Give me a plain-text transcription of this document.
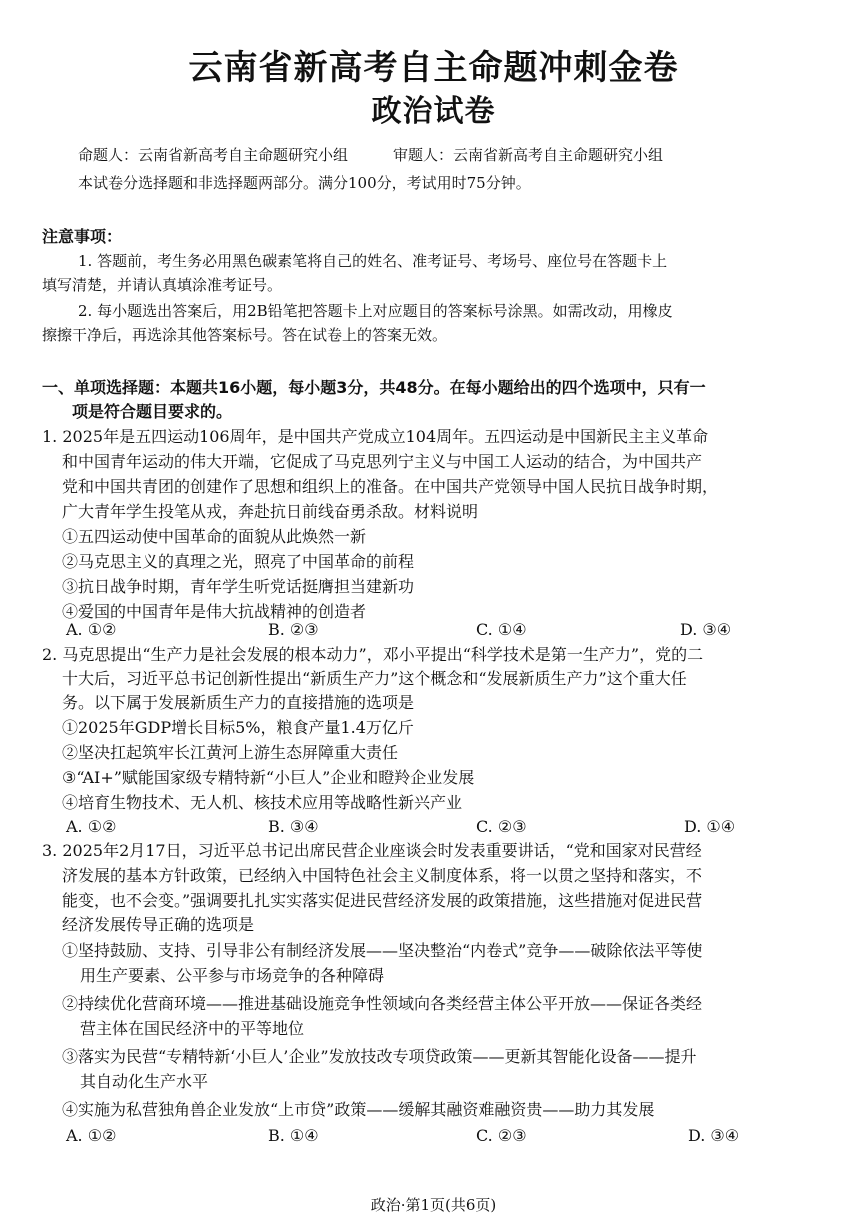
云南省新高考自主命题冲刺金卷
政治试卷
命题人：云南省新高考自主命题研究小组　　　审题人：云南省新高考自主命题研究小组
本试卷分选择题和非选择题两部分。满分100分，考试用时75分钟。
注意事项：
1. 答题前，考生务必用黑色碳素笔将自己的姓名、准考证号、考场号、座位号在答题卡上
填写清楚，并请认真填涂准考证号。
2. 每小题选出答案后，用2B铅笔把答题卡上对应题目的答案标号涂黑。如需改动，用橡皮
擦擦干净后，再选涂其他答案标号。答在试卷上的答案无效。
一、单项选择题：本题共16小题，每小题3分，共48分。在每小题给出的四个选项中，只有一
项是符合题目要求的。
1. 2025年是五四运动106周年，是中国共产党成立104周年。五四运动是中国新民主主义革命
和中国青年运动的伟大开端，它促成了马克思列宁主义与中国工人运动的结合，为中国共产
党和中国共青团的创建作了思想和组织上的准备。在中国共产党领导中国人民抗日战争时期，
广大青年学生投笔从戎，奔赴抗日前线奋勇杀敌。材料说明
①五四运动使中国革命的面貌从此焕然一新
②马克思主义的真理之光，照亮了中国革命的前程
③抗日战争时期，青年学生听党话挺膺担当建新功
④爱国的中国青年是伟大抗战精神的创造者
A. ①②	B. ②③	C. ①④	D. ③④
2. 马克思提出“生产力是社会发展的根本动力”，邓小平提出“科学技术是第一生产力”，党的二
十大后，习近平总书记创新性提出“新质生产力”这个概念和“发展新质生产力”这个重大任
务。以下属于发展新质生产力的直接措施的选项是
①2025年GDP增长目标5%，粮食产量1.4万亿斤
②坚决扛起筑牢长江黄河上游生态屏障重大责任
③“AI+”赋能国家级专精特新“小巨人”企业和瞪羚企业发展
④培育生物技术、无人机、核技术应用等战略性新兴产业
A. ①②	B. ③④	C. ②③	D. ①④
3. 2025年2月17日，习近平总书记出席民营企业座谈会时发表重要讲话，“党和国家对民营经
济发展的基本方针政策，已经纳入中国特色社会主义制度体系，将一以贯之坚持和落实，不
能变，也不会变。”强调要扎扎实实落实促进民营经济发展的政策措施，这些措施对促进民营
经济发展传导正确的选项是
①坚持鼓励、支持、引导非公有制经济发展——坚决整治“内卷式”竞争——破除依法平等使
用生产要素、公平参与市场竞争的各种障碍
②持续优化营商环境——推进基础设施竞争性领域向各类经营主体公平开放——保证各类经
营主体在国民经济中的平等地位
③落实为民营“专精特新‘小巨人’企业”发放技改专项贷政策——更新其智能化设备——提升
其自动化生产水平
④实施为私营独角兽企业发放“上市贷”政策——缓解其融资难融资贵——助力其发展
A. ①②	B. ①④	C. ②③	D. ③④
政治·第1页(共6页)
